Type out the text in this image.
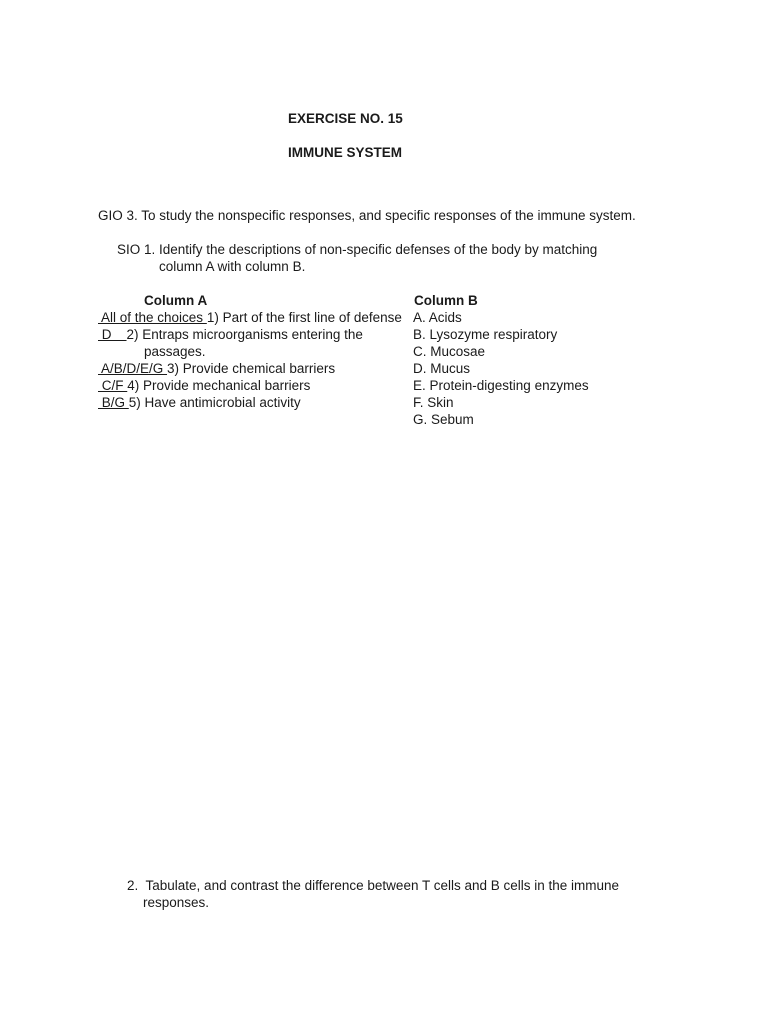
EXERCISE NO. 15
IMMUNE SYSTEM
GIO 3. To study the nonspecific responses, and specific responses of the immune system.
SIO 1. Identify the descriptions of non-specific defenses of the body by matching
column A with column B.
Column A	Column B
All of the choices 1) Part of the first line of defense
D    2) Entraps microorganisms entering the
passages.
A/B/D/E/G 3) Provide chemical barriers
C/F 4) Provide mechanical barriers
B/G 5) Have antimicrobial activity
A. Acids
B. Lysozyme respiratory
C. Mucosae
D. Mucus
E. Protein-digesting enzymes
F. Skin
G. Sebum
2.  Tabulate, and contrast the difference between T cells and B cells in the immune
responses.
